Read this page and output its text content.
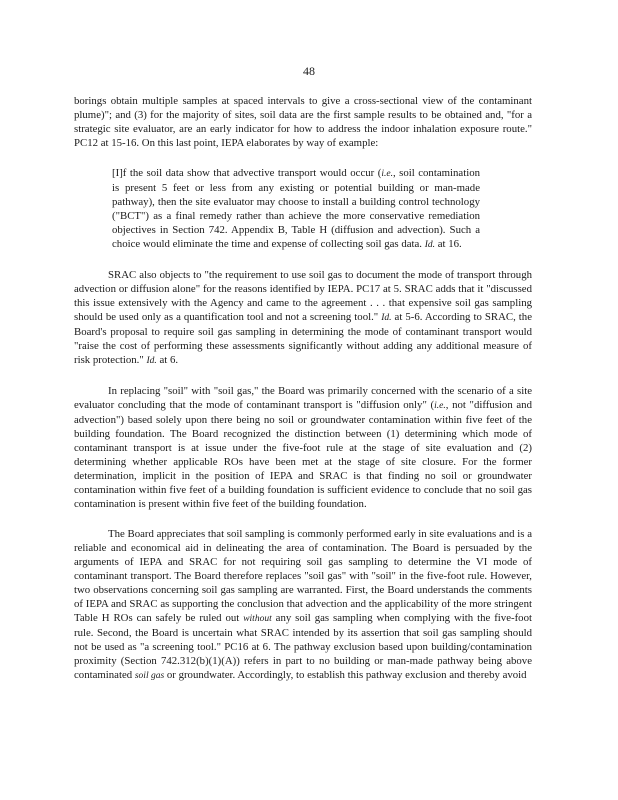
48

borings obtain multiple samples at spaced intervals to give a cross-sectional view of the contaminant plume)"; and (3) for the majority of sites, soil data are the first sample results to be obtained and, "for a strategic site evaluator, are an early indicator for how to address the indoor inhalation exposure route." PC12 at 15-16. On this last point, IEPA elaborates by way of example:

[I]f the soil data show that advective transport would occur (i.e., soil contamination is present 5 feet or less from any existing or potential building or man-made pathway), then the site evaluator may choose to install a building control technology ("BCT") as a final remedy rather than achieve the more conservative remediation objectives in Section 742. Appendix B, Table H (diffusion and advection). Such a choice would eliminate the time and expense of collecting soil gas data. Id. at 16.

SRAC also objects to "the requirement to use soil gas to document the mode of transport through advection or diffusion alone" for the reasons identified by IEPA. PC17 at 5. SRAC adds that it "discussed this issue extensively with the Agency and came to the agreement . . . that expensive soil gas sampling should be used only as a quantification tool and not a screening tool." Id. at 5-6. According to SRAC, the Board's proposal to require soil gas sampling in determining the mode of contaminant transport would "raise the cost of performing these assessments significantly without adding any additional measure of risk protection." Id. at 6.

In replacing "soil" with "soil gas," the Board was primarily concerned with the scenario of a site evaluator concluding that the mode of contaminant transport is "diffusion only" (i.e., not "diffusion and advection") based solely upon there being no soil or groundwater contamination within five feet of the building foundation. The Board recognized the distinction between (1) determining which mode of contaminant transport is at issue under the five-foot rule at the stage of site evaluation and (2) determining whether applicable ROs have been met at the stage of site closure. For the former determination, implicit in the position of IEPA and SRAC is that finding no soil or groundwater contamination within five feet of a building foundation is sufficient evidence to conclude that no soil gas contamination is present within five feet of the building foundation.

The Board appreciates that soil sampling is commonly performed early in site evaluations and is a reliable and economical aid in delineating the area of contamination. The Board is persuaded by the arguments of IEPA and SRAC for not requiring soil gas sampling to determine the VI mode of contaminant transport. The Board therefore replaces "soil gas" with "soil" in the five-foot rule. However, two observations concerning soil gas sampling are warranted. First, the Board understands the comments of IEPA and SRAC as supporting the conclusion that advection and the applicability of the more stringent Table H ROs can safely be ruled out without any soil gas sampling when complying with the five-foot rule. Second, the Board is uncertain what SRAC intended by its assertion that soil gas sampling should not be used as "a screening tool." PC16 at 6. The pathway exclusion based upon building/contamination proximity (Section 742.312(b)(1)(A)) refers in part to no building or man-made pathway being above contaminated soil gas or groundwater. Accordingly, to establish this pathway exclusion and thereby avoid
